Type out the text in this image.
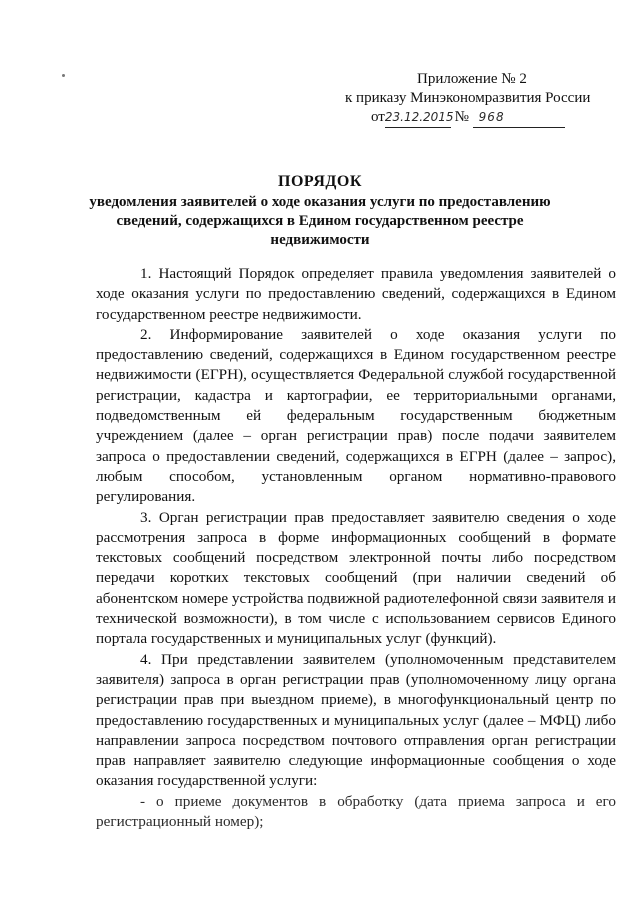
Приложение № 2
к приказу Минэкономразвития России
от23.12.2015 № 968
ПОРЯДОК
уведомления заявителей о ходе оказания услуги по предоставлению сведений, содержащихся в Едином государственном реестре недвижимости

1. Настоящий Порядок определяет правила уведомления заявителей о ходе оказания услуги по предоставлению сведений, содержащихся в Едином государственном реестре недвижимости.

2. Информирование заявителей о ходе оказания услуги по предоставлению сведений, содержащихся в Едином государственном реестре недвижимости (ЕГРН), осуществляется Федеральной службой государственной регистрации, кадастра и картографии, ее территориальными органами, подведомственным ей федеральным государственным бюджетным учреждением (далее – орган регистрации прав) после подачи заявителем запроса о предоставлении сведений, содержащихся в ЕГРН (далее – запрос), любым способом, установленным органом нормативно-правового регулирования.

3. Орган регистрации прав предоставляет заявителю сведения о ходе рассмотрения запроса в форме информационных сообщений в формате текстовых сообщений посредством электронной почты либо посредством передачи коротких текстовых сообщений (при наличии сведений об абонентском номере устройства подвижной радиотелефонной связи заявителя и технической возможности), в том числе с использованием сервисов Единого портала государственных и муниципальных услуг (функций).

4. При представлении заявителем (уполномоченным представителем заявителя) запроса в орган регистрации прав (уполномоченному лицу органа регистрации прав при выездном приеме), в многофункциональный центр по предоставлению государственных и муниципальных услуг (далее – МФЦ) либо направлении запроса посредством почтового отправления орган регистрации прав направляет заявителю следующие информационные сообщения о ходе оказания государственной услуги:

- о приеме документов в обработку (дата приема запроса и его регистрационный номер);
